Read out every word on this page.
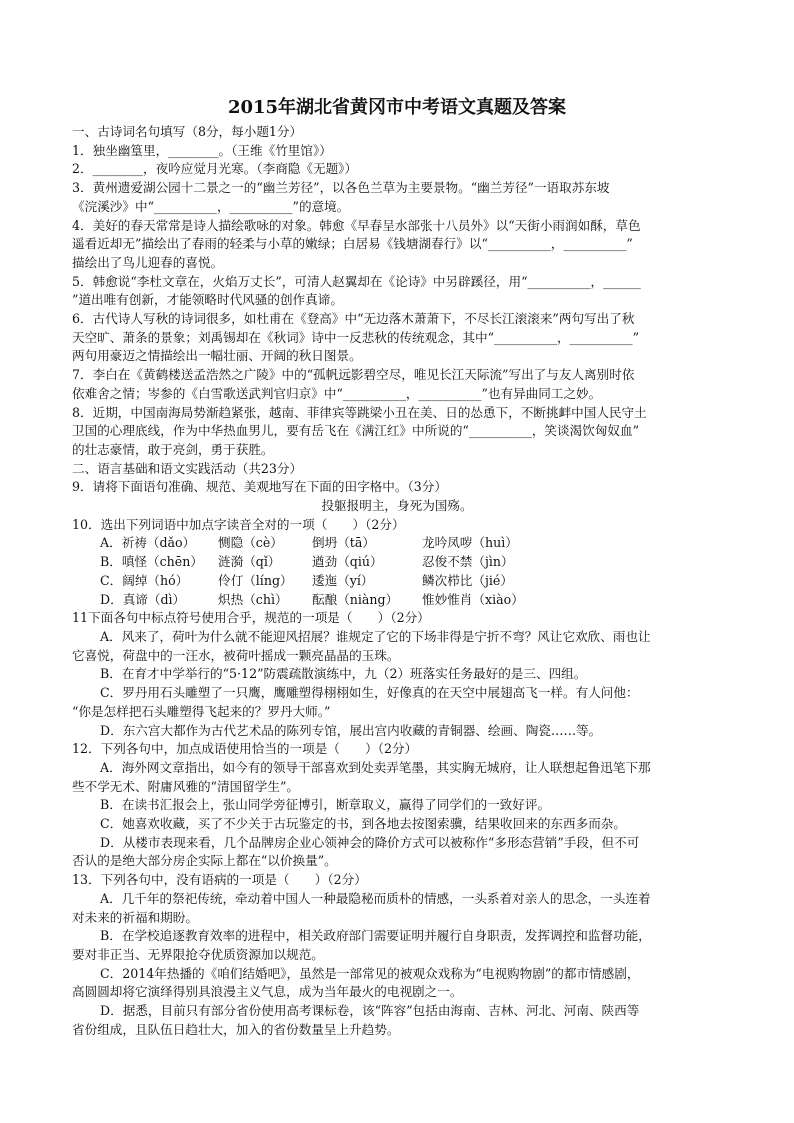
2015年湖北省黄冈市中考语文真题及答案
一、古诗词名句填写（8分，每小题1分）
1．独坐幽篁里，________。（王维《竹里馆》）
2．________，夜吟应觉月光寒。（李商隐《无题》）
3．黄州遗爱湖公园十二景之一的“幽兰芳径”，以各色兰草为主要景物。“幽兰芳径”一语取苏东坡
《浣溪沙》中“__________，__________”的意境。
4．美好的春天常常是诗人描绘歌咏的对象。韩愈《早春呈水部张十八员外》以“天街小雨润如酥，草色
遥看近却无”描绘出了春雨的轻柔与小草的嫩绿；白居易《钱塘湖春行》以“__________，__________”
描绘出了鸟儿迎春的喜悦。
5．韩愈说“李杜文章在，火焰万丈长”，可清人赵翼却在《论诗》中另辟蹊径，用“__________，______
”道出唯有创新，才能领略时代风骚的创作真谛。
6．古代诗人写秋的诗词很多，如杜甫在《登高》中“无边落木萧萧下，不尽长江滚滚来”两句写出了秋
天空旷、萧条的景象；刘禹锡却在《秋词》诗中一反悲秋的传统观念，其中“__________，__________”
两句用豪迈之情描绘出一幅壮丽、开阔的秋日图景。
7．李白在《黄鹤楼送孟浩然之广陵》中的“孤帆远影碧空尽，唯见长江天际流”写出了与友人离别时依
依难舍之情；岑参的《白雪歌送武判官归京》中“__________，__________”也有异曲同工之妙。
8．近期，中国南海局势渐趋紧张，越南、菲律宾等跳梁小丑在美、日的怂恿下，不断挑衅中国人民守土
卫国的心理底线，作为中华热血男儿，要有岳飞在《满江红》中所说的“__________，笑谈渴饮匈奴血”
的壮志豪情，敢于亮剑，勇于获胜。
二、语言基础和语文实践活动（共23分）
9．请将下面语句准确、规范、美观地写在下面的田字格中。（3分）
投躯报明主，身死为国殇。
10．选出下列词语中加点字读音全对的一项（　　）（2分）
A．祈祷（dǎo）	恻隐（cè）	倒坍（tā）	龙吟凤哕（huì）
B．嗔怪（chēn）	涟漪（qǐ）	遒劲（qiú）	忍俊不禁（jìn）
C．阔绰（hó）	伶仃（líng）	逶迤（yí）	鳞次栉比（jié）
D．真谛（dì）	炽热（chì）	酝酿（niàng）	惟妙惟肖（xiào）
11下面各句中标点符号使用合乎，规范的一项是（　　）（2分）
A．风来了，荷叶为什么就不能迎风招展？谁规定了它的下场非得是宁折不弯？风让它欢欣、雨也让
它喜悦，荷盘中的一汪水，被荷叶摇成一颗亮晶晶的玉珠。
B．在育才中学举行的“5·12”防震疏散演练中，九（2）班落实任务最好的是三、四组。
C．罗丹用石头雕塑了一只鹰，鹰雕塑得栩栩如生，好像真的在天空中展翅高飞一样。有人问他：
“你是怎样把石头雕塑得飞起来的？罗丹大师。”
D．东六宫大都作为古代艺术品的陈列专馆，展出宫内收藏的青铜器、绘画、陶瓷……等。
12．下列各句中，加点成语使用恰当的一项是（　　）（2分）
A．海外网文章指出，如今有的领导干部喜欢到处卖弄笔墨，其实胸无城府，让人联想起鲁迅笔下那
些不学无术、附庸风雅的“清国留学生”。
B．在读书汇报会上，张山同学旁征博引，断章取义，赢得了同学们的一致好评。
C．她喜欢收藏，买了不少关于古玩鉴定的书，到各地去按图索骥，结果收回来的东西多而杂。
D．从楼市表现来看，几个品牌房企业心领神会的降价方式可以被称作“多形态营销”手段，但不可
否认的是绝大部分房企实际上都在“以价换量”。
13．下列各句中，没有语病的一项是（　　）（2分）
A．几千年的祭祀传统，牵动着中国人一种最隐秘而质朴的情感，一头系着对亲人的思念，一头连着
对未来的祈福和期盼。
B．在学校追逐教育效率的进程中，相关政府部门需要证明并履行自身职责，发挥调控和监督功能，
要对非正当、无界限抢夺优质资源加以规范。
C．2014年热播的《咱们结婚吧》，虽然是一部常见的被观众戏称为“电视购物剧”的都市情感剧，
高圆圆却将它演绎得别具浪漫主义气息，成为当年最火的电视剧之一。
D．据悉，目前只有部分省份使用高考课标卷，该“阵容”包括由海南、吉林、河北、河南、陕西等
省份组成，且队伍日趋壮大，加入的省份数量呈上升趋势。
